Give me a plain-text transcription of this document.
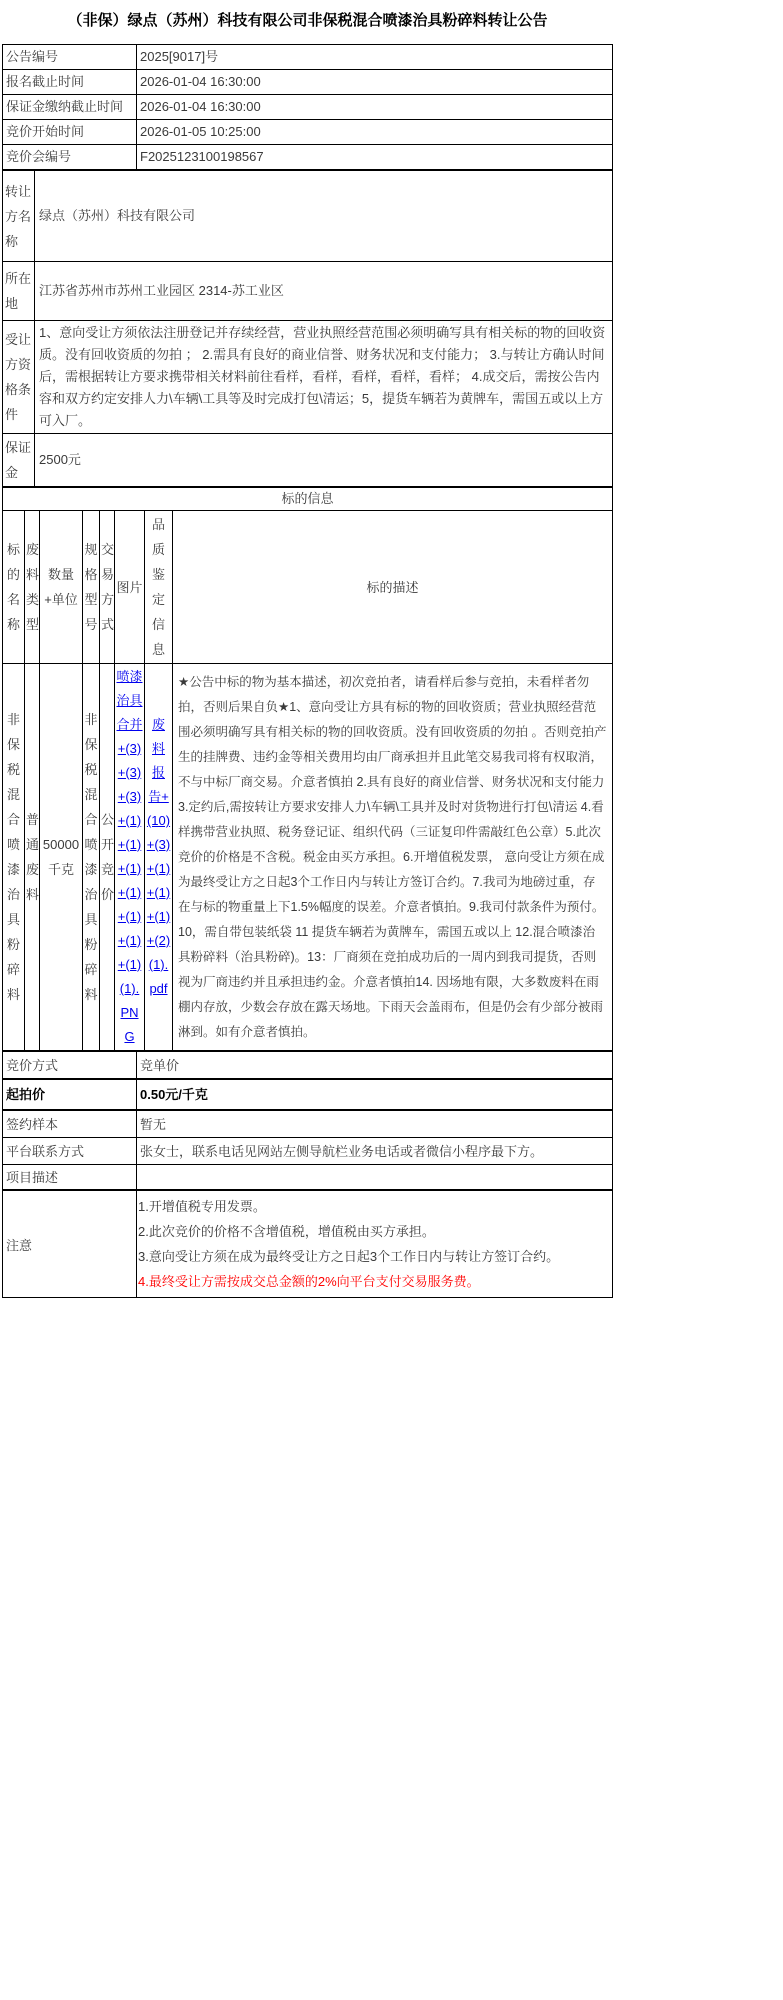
（非保）绿点（苏州）科技有限公司非保税混合喷漆治具粉碎料转让公告
公告编号	2025[9017]号
报名截止时间	2026-01-04 16:30:00
保证金缴纳截止时间	2026-01-04 16:30:00
竞价开始时间	2026-01-05 10:25:00
竞价会编号	F2025123100198567
转让方名称	绿点（苏州）科技有限公司
所在地	江苏省苏州市苏州工业园区 2314-苏工业区
受让方资格条件	1、意向受让方须依法注册登记并存续经营，营业执照经营范围必须明确写具有相关标的物的回收资质。没有回收资质的勿拍 ； 2.需具有良好的商业信誉、财务状况和支付能力； 3.与转让方确认时间后，需根据转让方要求携带相关材料前往看样，看样，看样，看样，看样； 4.成交后，需按公告内容和双方约定安排人力\车辆\工具等及时完成打包\清运；5，提货车辆若为黄牌车，需国五或以上方可入厂。
保证金	2500元
标的信息							
标的名称	废料类型	数量+单位	规格型号	交易方式	图片	品质鉴定信息	标的描述
非保税混合喷漆治具粉碎料	普通废料	50000千克	非保税混合喷漆治具粉碎料	公开竞价	喷漆治具合并+(3)+(3)+(3)+(1)+(1)+(1)+(1)+(1)+(1)+(1)(1).PNG	废料报告+(10)+(3)+(1)+(1)+(1)+(2)(1).pdf	★公告中标的物为基本描述，初次竞拍者，请看样后参与竞拍，未看样者勿拍，否则后果自负★1、意向受让方具有标的物的回收资质；营业执照经营范围必须明确写具有相关标的物的回收资质。没有回收资质的勿拍 。否则竞拍产生的挂牌费、违约金等相关费用均由厂商承担并且此笔交易我司将有权取消，不与中标厂商交易。介意者慎拍 2.具有良好的商业信誉、财务状况和支付能力3.定约后,需按转让方要求安排人力\车辆\工具并及时对货物进行打包\清运 4.看样携带营业执照、税务登记证、组织代码（三证复印件需敲红色公章）5.此次竞价的价格是不含税。税金由买方承担。6.开增值税发票， 意向受让方须在成为最终受让方之日起3个工作日内与转让方签订合约。7.我司为地磅过重，存在与标的物重量上下1.5%幅度的误差。介意者慎拍。9.我司付款条件为预付。10，需自带包装纸袋 11 提货车辆若为黄牌车，需国五或以上 12.混合喷漆治具粉碎料（治具粉碎)。13：厂商须在竞拍成功后的一周内到我司提货，否则视为厂商违约并且承担违约金。介意者慎拍14. 因场地有限，大多数废料在雨棚内存放，少数会存放在露天场地。下雨天会盖雨布，但是仍会有少部分被雨淋到。如有介意者慎拍。
竞价方式	竞单价
起拍价	0.50元/千克
签约样本	暂无
平台联系方式	张女士，联系电话见网站左侧导航栏业务电话或者微信小程序最下方。
项目描述	
注意	
1.开增值税专用发票。
2.此次竞价的价格不含增值税，增值税由买方承担。
3.意向受让方须在成为最终受让方之日起3个工作日内与转让方签订合约。
4.最终受让方需按成交总金额的2%向平台支付交易服务费。
